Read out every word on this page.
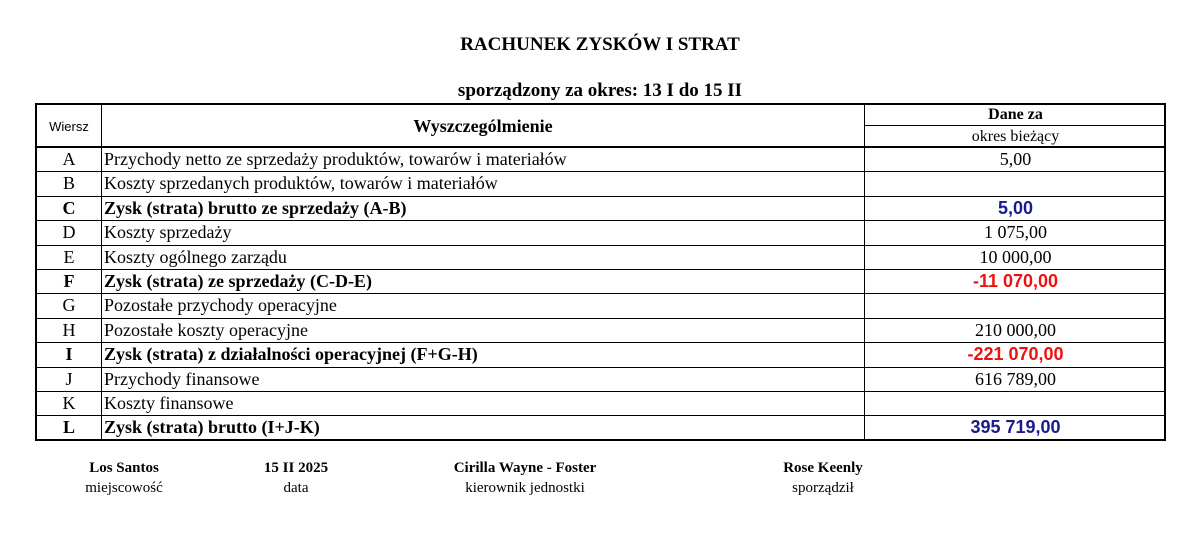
RACHUNEK ZYSKÓW I STRAT
sporządzony za okres: 13 I do 15 II
Wiersz	Wyszczególmienie
Dane za
okres bieżący
A	Przychody netto ze sprzedaży produktów, towarów i materiałów	5,00
B	Koszty sprzedanych produktów, towarów i materiałów
C	Zysk (strata) brutto ze sprzedaży (A-B)	5,00
D	Koszty sprzedaży	1 075,00
E	Koszty ogólnego zarządu	10 000,00
F	Zysk (strata) ze sprzedaży (C-D-E)	-11 070,00
G	Pozostałe przychody operacyjne
H	Pozostałe koszty operacyjne	210 000,00
I	Zysk (strata) z działalności operacyjnej (F+G-H)	-221 070,00
J	Przychody finansowe	616 789,00
K	Koszty finansowe
L	Zysk (strata) brutto (I+J-K)	395 719,00
Los Santos
miejscowość
15 II 2025
data
Cirilla Wayne - Foster
kierownik jednostki
Rose Keenly
sporządził
